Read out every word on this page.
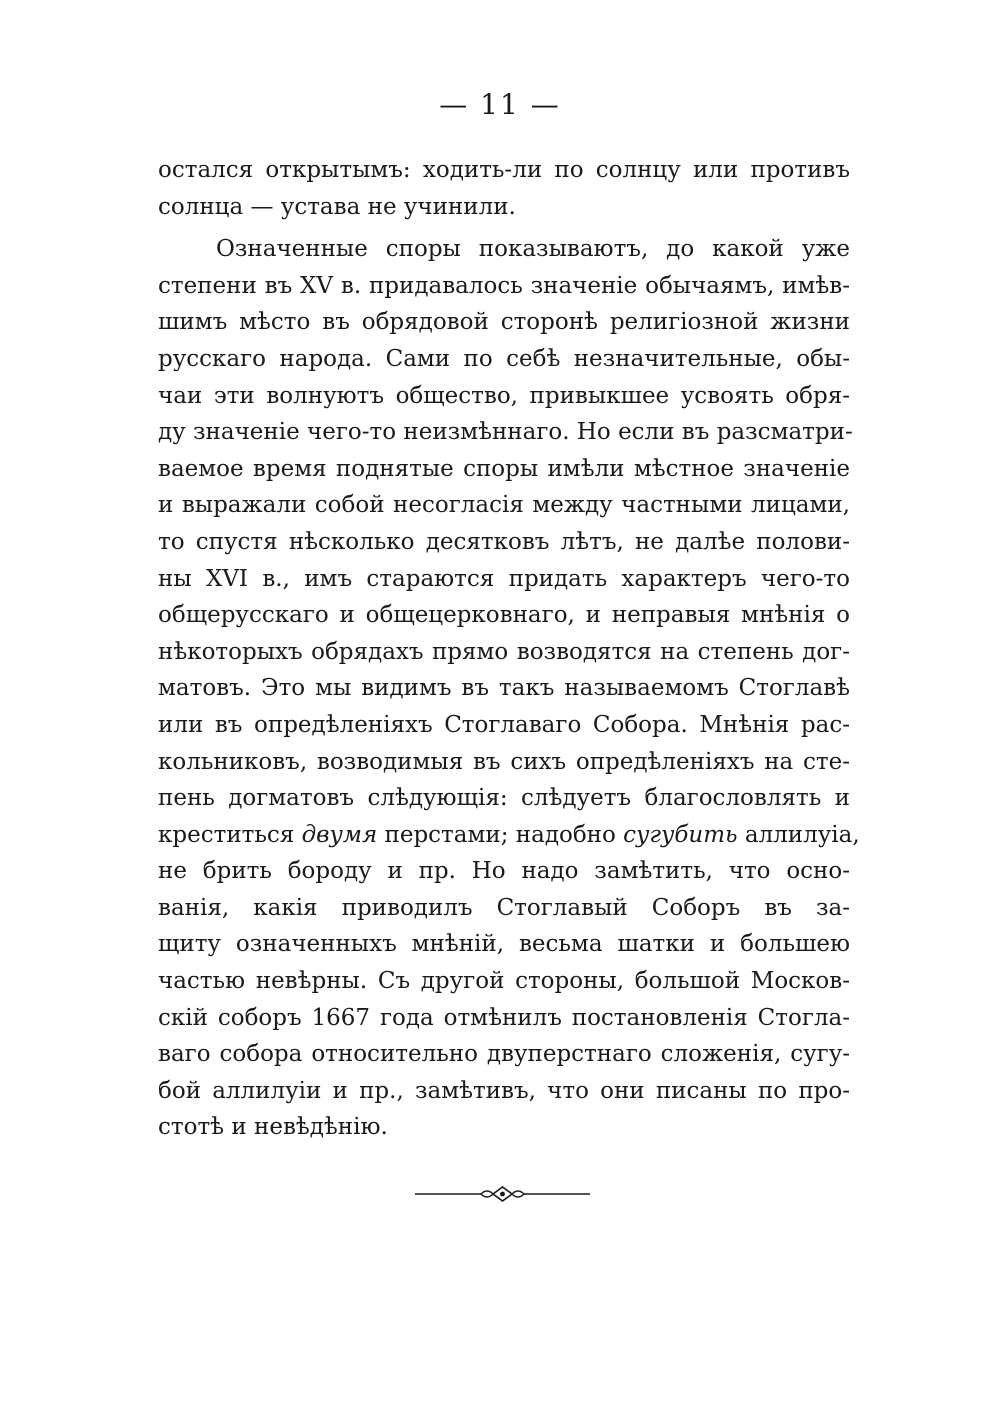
— 11 —
остался открытымъ: ходить-ли по солнцу или противъ
солнца — устава не учинили.
Означенные споры показываютъ, до какой уже
степени въ XV в. придавалось значеніе обычаямъ, имѣв-
шимъ мѣсто въ обрядовой сторонѣ религіозной жизни
русскаго народа. Сами по себѣ незначительные, обы-
чаи эти волнуютъ общество, привыкшее усвоять обря-
ду значеніе чего-то неизмѣннаго. Но если въ разсматри-
ваемое время поднятые споры имѣли мѣстное значеніе
и выражали собой несогласія между частными лицами,
то спустя нѣсколько десятковъ лѣтъ, не далѣе полови-
ны XVI в., имъ стараются придать характеръ чего-то
общерусскаго и общецерковнаго, и неправыя мнѣнія о
нѣкоторыхъ обрядахъ прямо возводятся на степень дог-
матовъ. Это мы видимъ въ такъ называемомъ Стоглавѣ
или въ опредѣленіяхъ Стоглаваго Собора. Мнѣнія рас-
кольниковъ, возводимыя въ сихъ опредѣленіяхъ на сте-
пень догматовъ слѣдующія: слѣдуетъ благословлять и
креститься двумя перстами; надобно сугубить аллилуіа,
не брить бороду и пр. Но надо замѣтить, что осно-
ванія, какія приводилъ Стоглавый Соборъ въ за-
щиту означенныхъ мнѣній, весьма шатки и большею
частью невѣрны. Съ другой стороны, большой Москов-
скій соборъ 1667 года отмѣнилъ постановленія Стогла-
ваго собора относительно двуперстнаго сложенія, сугу-
бой аллилуіи и пр., замѣтивъ, что они писаны по про-
стотѣ и невѣдѣнію.
